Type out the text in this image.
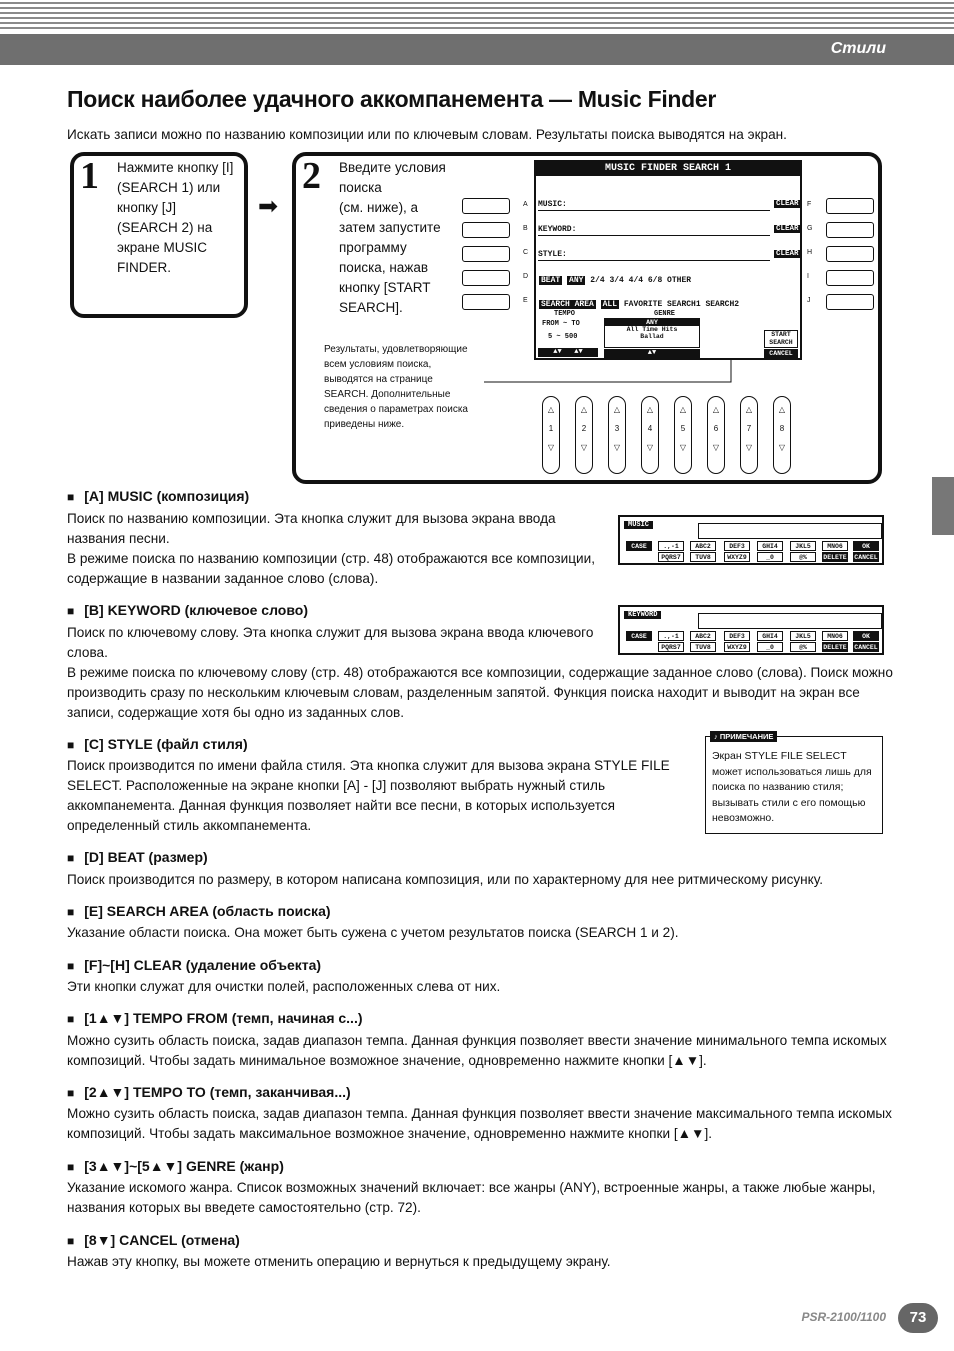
Стили
Поиск наиболее удачного аккомпанемента — Music Finder
Искать записи можно по названию композиции или по ключевым словам. Результаты поиска выводятся на экран.
1 Нажмите кнопку [I]
(SEARCH 1) или
кнопку [J]
(SEARCH 2) на
экране MUSIC
FINDER.
➡
2 Введите условия
поиска
(см. ниже), а
затем запустите
программу
поиска, нажав
кнопку [START
SEARCH].
Результаты, удовлетворяющие
всем условиям поиска,
выводятся на странице
SEARCH. Дополнительные
сведения о параметрах поиска
приведены ниже.
A
B
C
D
E
F
G
H
I
J
MUSIC FINDER SEARCH 1
MUSIC:	CLEAR
KEYWORD:	CLEAR
STYLE:	CLEAR
BEAT ANY 2/4 3/4 4/4 6/8 OTHER
SEARCH AREA ALL FAVORITE SEARCH1 SEARCH2
TEMPO
FROM ~ TO
5 ~ 500
▲▼   ▲▼
GENRE
ANY
All Time Hits
Ballad
▲▼
START
SEARCH
CANCEL
△
1
▽
△
2
▽
△
3
▽
△
4
▽
△
5
▽
△
6
▽
△
7
▽
△
8
▽
■ [A] MUSIC (композиция)
Поиск по названию композиции. Эта кнопка служит для вызова экрана ввода
названия песни.
В режиме поиска по названию композиции (стр. 48) отображаются все композиции,
содержащие в названии заданное слово (слова).
MUSIC
CASE	.,-1	ABC2	DEF3	GHI4	JKL5	MNO6	OK
PQRS7	TUV8	WXYZ9	_0	@%	DELETE CANCEL
■ [B] KEYWORD (ключевое слово)
Поиск по ключевому слову. Эта кнопка служит для вызова экрана ввода ключевого
слова.
В режиме поиска по ключевому слову (стр. 48) отображаются все композиции, содержащие заданное слово (слова). Поиск можно
производить сразу по нескольким ключевым словам, разделенным запятой. Функция поиска находит и выводит на экран все
записи, содержащие хотя бы одно из заданных слов.
KEYWORD
CASE	.,-1	ABC2	DEF3	GHI4	JKL5	MNO6	OK
PQRS7	TUV8	WXYZ9	_0	@%	DELETE CANCEL
■ [C] STYLE (файл стиля)
Поиск производится по имени файла стиля. Эта кнопка служит для вызова экрана STYLE FILE
SELECT. Расположенные на экране кнопки [A] - [J] позволяют выбрать нужный стиль
аккомпанемента. Данная функция позволяет найти все песни, в которых используется
определенный стиль аккомпанемента.
♪ ПРИМЕЧАНИЕ
Экран STYLE FILE SELECT
может использоваться лишь для
поиска по названию стиля;
вызывать стили с его помощью
невозможно.
■ [D] BEAT (размер)
Поиск производится по размеру, в котором написана композиция, или по характерному для нее ритмическому рисунку.
■ [E] SEARCH AREA (область поиска)
Указание области поиска. Она может быть сужена с учетом результатов поиска (SEARCH 1 и 2).
■ [F]~[H] CLEAR (удаление объекта)
Эти кнопки служат для очистки полей, расположенных слева от них.
■ [1▲▼] TEMPO FROM (темп, начиная с...)
Можно сузить область поиска, задав диапазон темпа. Данная функция позволяет ввести значение минимального темпа искомых
композиций. Чтобы задать минимальное возможное значение, одновременно нажмите кнопки [▲▼].
■ [2▲▼] TEMPO TO (темп, заканчивая...)
Можно сузить область поиска, задав диапазон темпа. Данная функция позволяет ввести значение максимального темпа искомых
композиций. Чтобы задать максимальное возможное значение, одновременно нажмите кнопки [▲▼].
■ [3▲▼]~[5▲▼] GENRE (жанр)
Указание искомого жанра. Список возможных значений включает: все жанры (ANY), встроенные жанры, а также любые жанры,
названия которых вы введете самостоятельно (стр. 72).
■ [8▼] CANCEL (отмена)
Нажав эту кнопку, вы можете отменить операцию и вернуться к предыдущему экрану.
PSR-2100/1100	73
